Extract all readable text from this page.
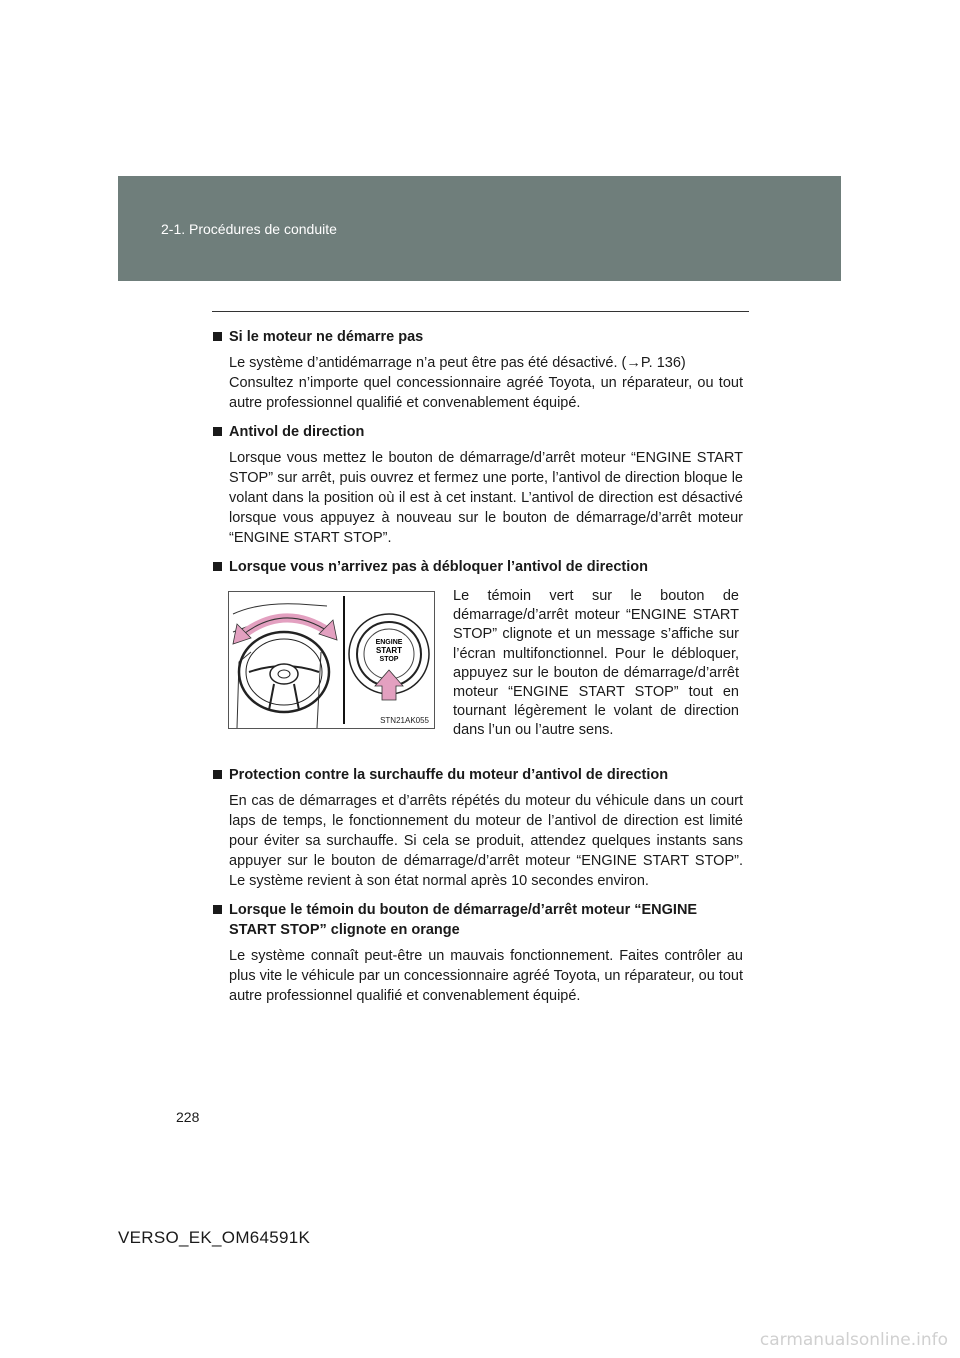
2-1. Procédures de conduite
Si le moteur ne démarre pas
Le système d’antidémarrage n’a peut être pas été désactivé. (→P. 136)
Consultez n’importe quel concessionnaire agréé Toyota, un réparateur, ou tout autre professionnel qualifié et convenablement équipé.
Antivol de direction
Lorsque vous mettez le bouton de démarrage/d’arrêt moteur “ENGINE START STOP” sur arrêt, puis ouvrez et fermez une porte, l’antivol de direction bloque le volant dans la position où il est à cet instant. L’antivol de direction est désactivé lorsque vous appuyez à nouveau sur le bouton de démarrage/d’arrêt moteur “ENGINE START STOP”.
Lorsque vous n’arrivez pas à débloquer l’antivol de direction
ENGINE
START
STOP
STN21AK055
Le témoin vert sur le bouton de démarrage/d’arrêt moteur “ENGINE START STOP” clignote et un message s’affiche sur l’écran multifonctionnel. Pour le débloquer, appuyez sur le bouton de démarrage/d’arrêt moteur “ENGINE START STOP” tout en tournant légèrement le volant de direction dans l’un ou l’autre sens.
Protection contre la surchauffe du moteur d’antivol de direction
En cas de démarrages et d’arrêts répétés du moteur du véhicule dans un court laps de temps, le fonctionnement du moteur de l’antivol de direction est limité pour éviter sa surchauffe. Si cela se produit, attendez quelques instants sans appuyer sur le bouton de démarrage/d’arrêt moteur “ENGINE START STOP”. Le système revient à son état normal après 10 secondes environ.
Lorsque le témoin du bouton de démarrage/d’arrêt moteur “ENGINE START STOP” clignote en orange
Le système connaît peut-être un mauvais fonctionnement. Faites contrôler au plus vite le véhicule par un concessionnaire agréé Toyota, un réparateur, ou tout autre professionnel qualifié et convenablement équipé.
228
VERSO_EK_OM64591K
carmanualsonline.info
